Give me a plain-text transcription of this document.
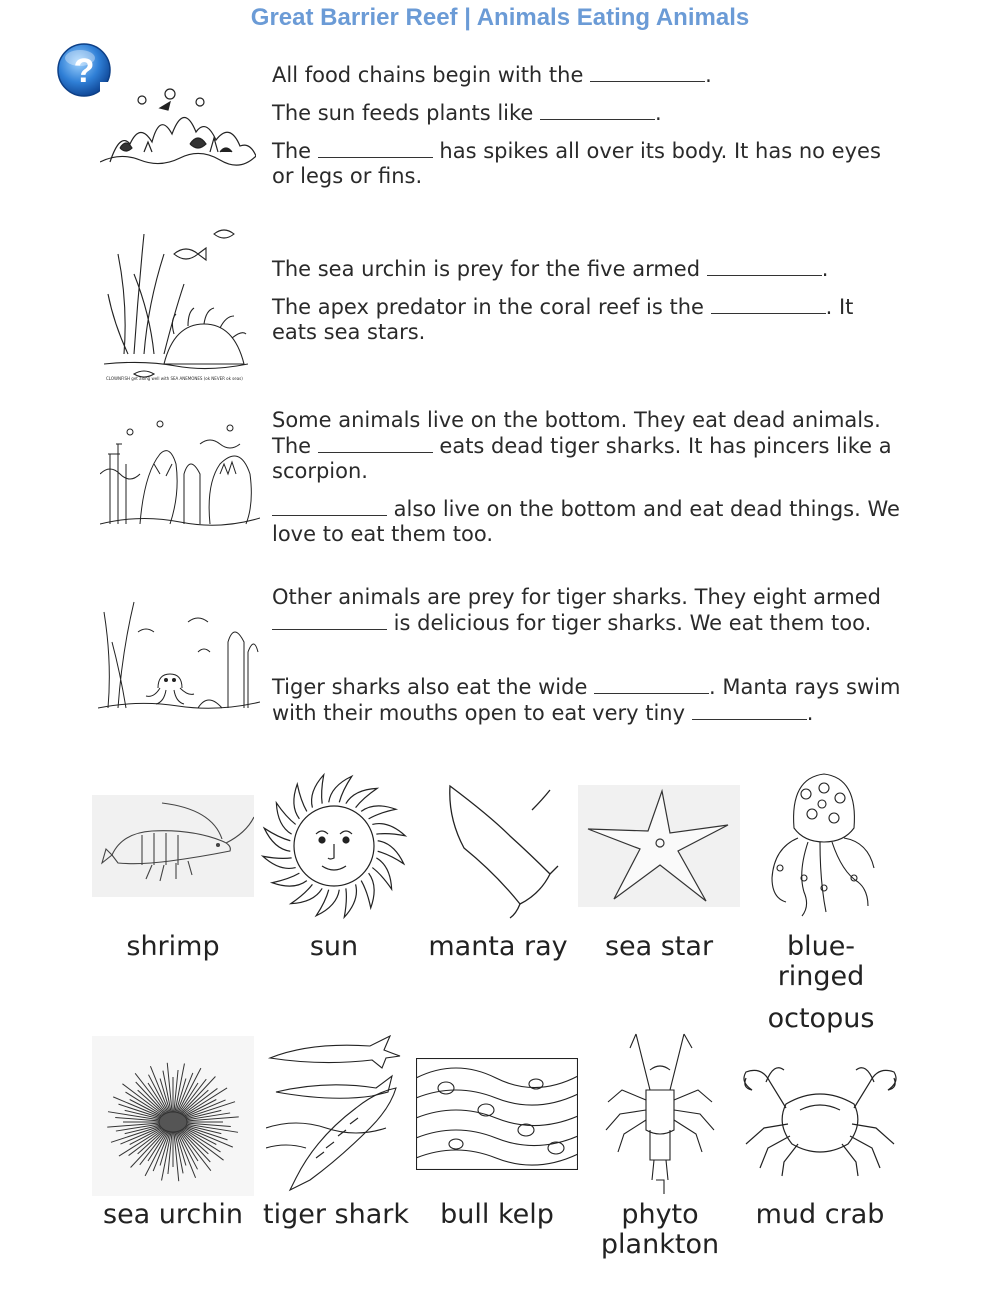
Great Barrier Reef | Animals Eating Animals
?
CLOWNFISH get along well with SEA ANEMONES (ok NEVER ok seas)

All food chains begin with the	.

The sun feeds plants like	.

The	has spikes all over its body. It has no eyes or legs or fins.

The sea urchin is prey for the five armed	.

The apex predator in the coral reef is the	. It eats sea stars.

Some animals live on the bottom. They eat dead animals. The	eats dead tiger sharks. It has pincers like a scorpion.

also live on the bottom and eat dead things. We love to eat them too.

Other animals are prey for tiger sharks. They eight armed  is delicious for tiger sharks. We eat them too.

Tiger sharks also eat the wide	. Manta rays swim with their mouths open to eat very tiny	.

shrimp	sun	manta ray	sea star	blue-
ringed
octopus
sea urchin tiger shark	bull kelp	phyto
plankton
mud crab
